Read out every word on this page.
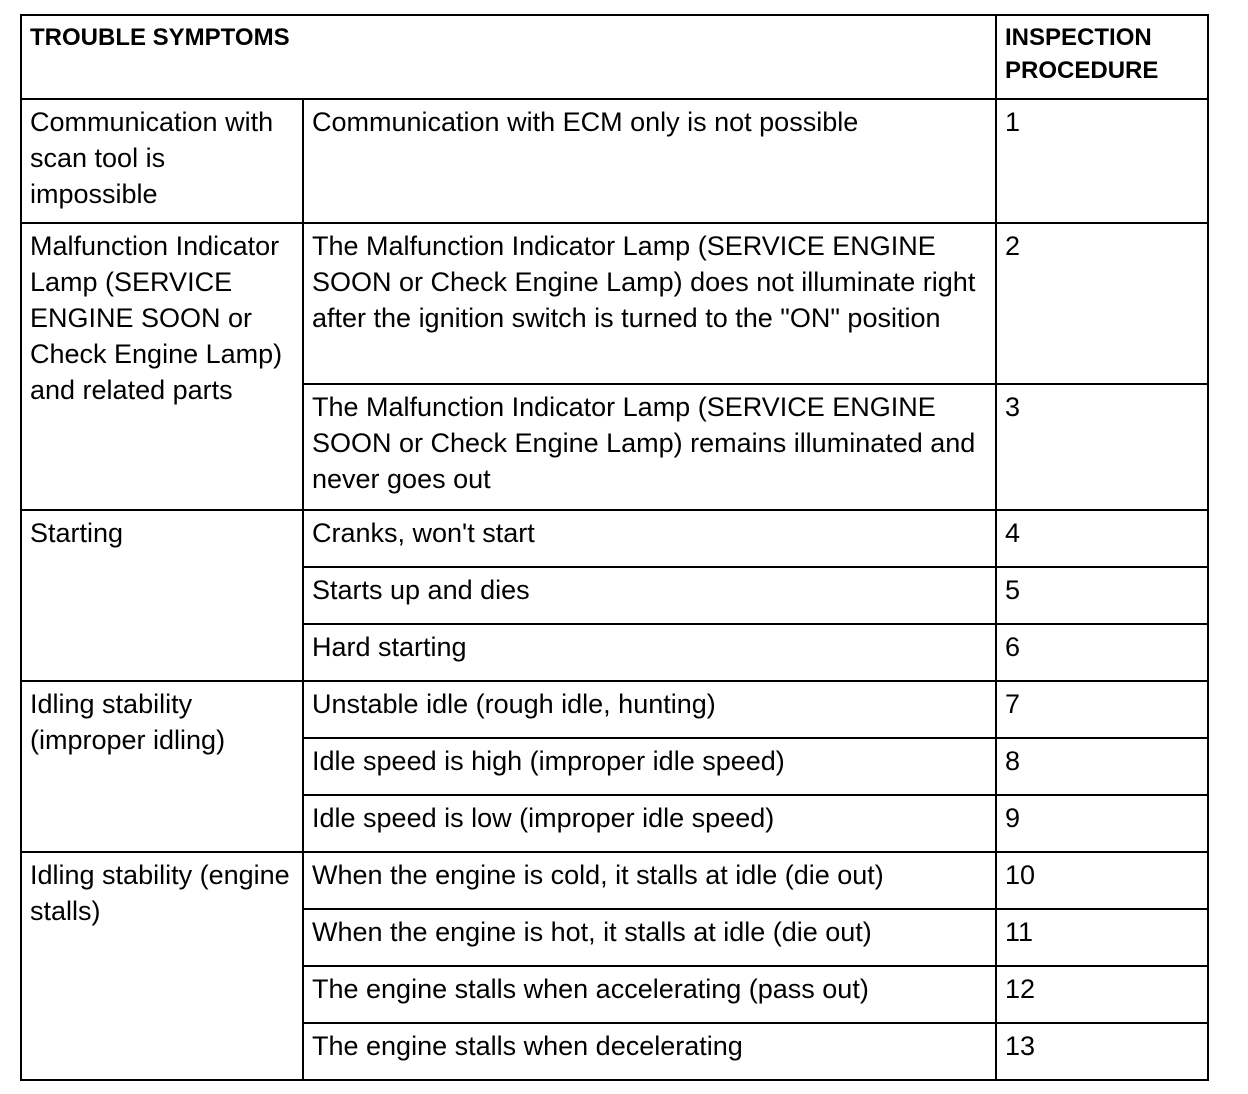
TROUBLE SYMPTOMS		INSPECTION
PROCEDURE
Communication with scan tool is impossible	Communication with ECM only is not possible	1
Malfunction Indicator Lamp (SERVICE ENGINE SOON or Check Engine Lamp) and related parts	The Malfunction Indicator Lamp (SERVICE ENGINE SOON or Check Engine Lamp) does not illuminate right after the ignition switch is turned to the "ON" position	2
	The Malfunction Indicator Lamp (SERVICE ENGINE SOON or Check Engine Lamp) remains illuminated and never goes out	3
Starting	Cranks, won't start	4
	Starts up and dies	5
	Hard starting	6
Idling stability (improper idling)	Unstable idle (rough idle, hunting)	7
	Idle speed is high (improper idle speed)	8
	Idle speed is low (improper idle speed)	9
Idling stability (engine stalls)	When the engine is cold, it stalls at idle (die out)	10
	When the engine is hot, it stalls at idle (die out)	11
	The engine stalls when accelerating (pass out)	12
	The engine stalls when decelerating	13
